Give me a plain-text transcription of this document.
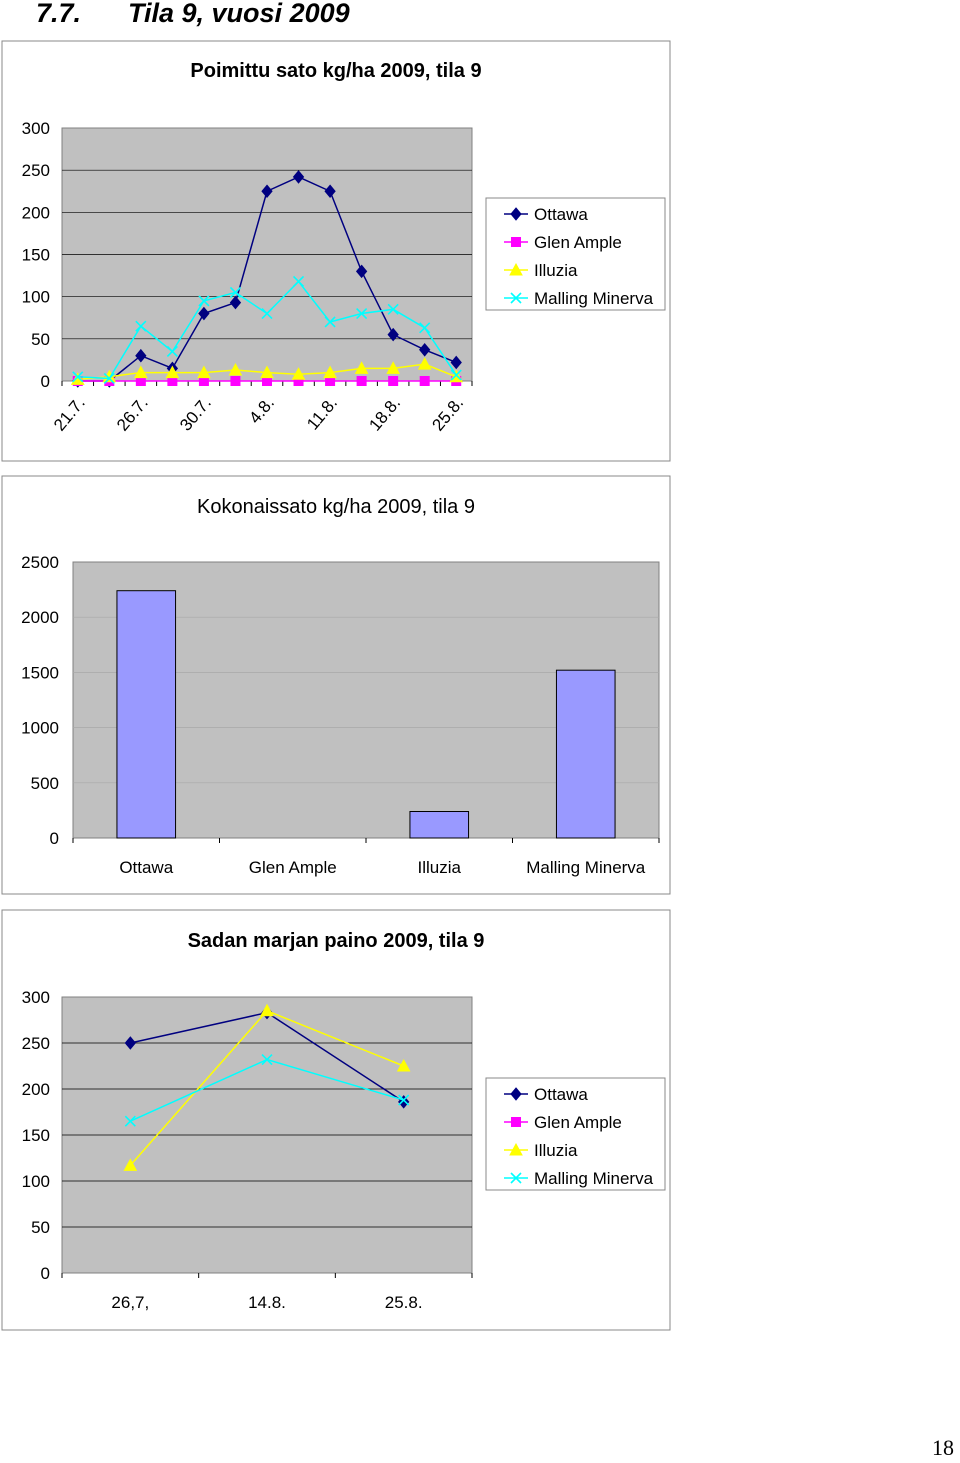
7.7. Tila 9, vuosi 2009
Poimittu sato kg/ha 2009, tila 9
0
50
100
150
200
250
300
21.7. 26.7. 30.7. 4.8. 11.8. 18.8. 25.8.
Ottawa
Glen Ample
Illuzia
Malling Minerva
Kokonaissato kg/ha 2009, tila 9
0
500
1000
1500
2000
2500
Ottawa	Glen Ample	Illuzia	Malling Minerva
Sadan marjan paino 2009, tila 9
0
50
100
150
200
250
300
26,7,	14.8.	25.8.
Ottawa
Glen Ample
Illuzia
Malling Minerva
18
